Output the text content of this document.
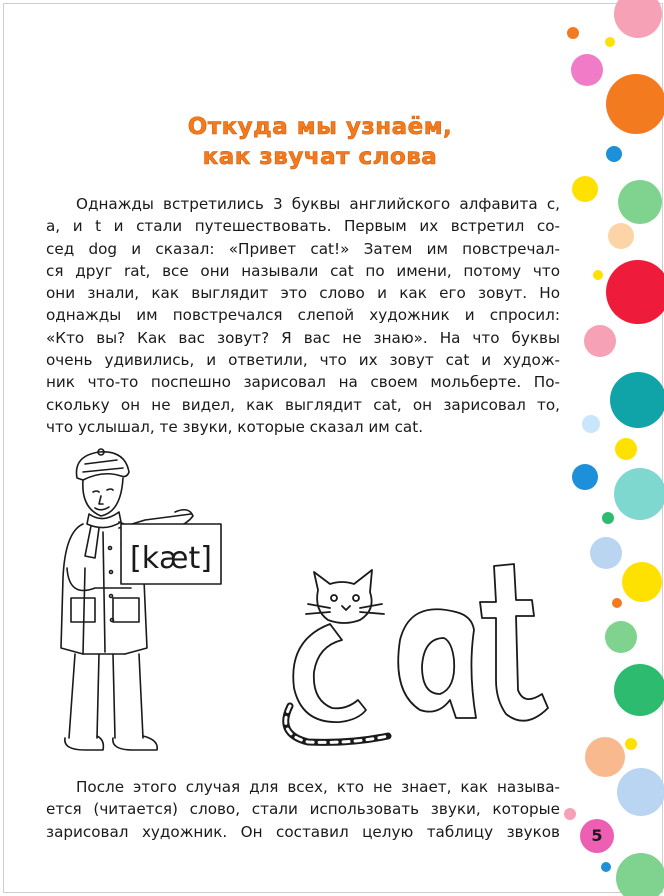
Откуда мы узнаём,
как звучат слова
Однажды встретились 3 буквы английского алфавита c,
a, и t и стали путешествовать. Первым их встретил со-
сед dog и сказал: «Привет cat!» Затем им повстречал-
ся друг rat, все они называли cat по имени, потому что
они знали, как выглядит это слово и как его зовут. Но
однажды им повстречался слепой художник и спросил:
«Кто вы? Как вас зовут? Я вас не знаю». На что буквы
очень удивились, и ответили, что их зовут cat и худож-
ник что-то поспешно зарисовал на своем мольберте. По-
скольку он не видел, как выглядит cat, он зарисовал то,
что услышал, те звуки, которые сказал им cat.
[kæt]
После этого случая для всех, кто не знает, как называ-
ется (читается) слово, стали использовать звуки, которые
зарисовал художник. Он составил целую таблицу звуков	5
